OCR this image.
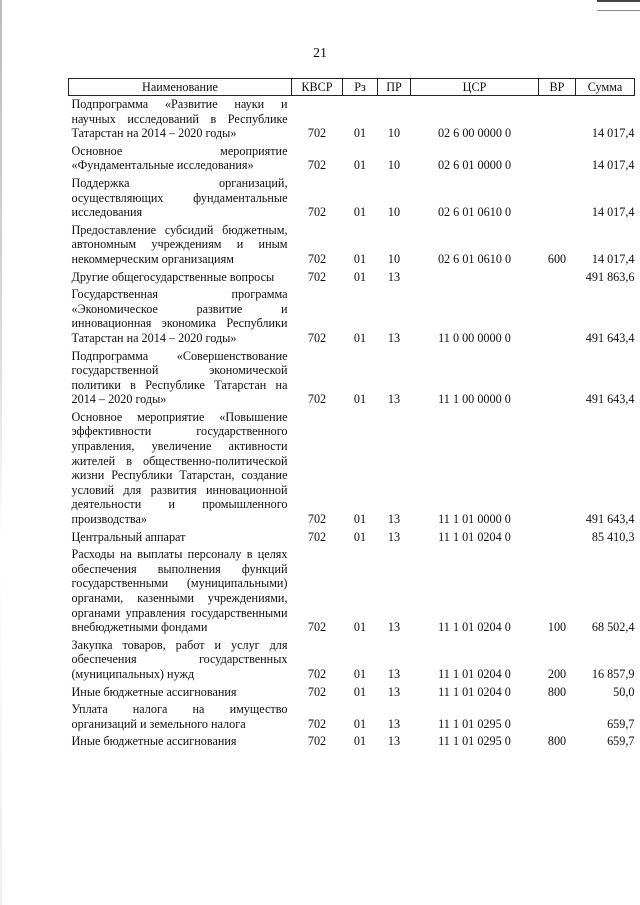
21
Наименование	КВСР	Рз	ПР	ЦСР	ВР	Сумма
Подпрограмма «Развитие науки и научных исследований в Республике Татарстан на 2014 – 2020 годы»	702	01	10	02 6 00 0000 0		14 017,4
Основное мероприятие «Фундаментальные исследования»	702	01	10	02 6 01 0000 0		14 017,4
Поддержка организаций, осуществляющих фундаментальные исследования	702	01	10	02 6 01 0610 0		14 017,4
Предоставление субсидий бюджетным, автономным учреждениям и иным некоммерческим организациям	702	01	10	02 6 01 0610 0	600	14 017,4
Другие общегосударственные вопросы	702	01	13			491 863,6
Государственная программа «Экономическое развитие и инновационная экономика Республики Татарстан на 2014 – 2020 годы»	702	01	13	11 0 00 0000 0		491 643,4
Подпрограмма «Совершенствование государственной экономической политики в Республике Татарстан на 2014 – 2020 годы»	702	01	13	11 1 00 0000 0		491 643,4
Основное мероприятие «Повышение эффективности государственного управления, увеличение активности жителей в общественно-политической жизни Республики Татарстан, создание условий для развития инновационной деятельности и промышленного производства»	702	01	13	11 1 01 0000 0		491 643,4
Центральный аппарат	702	01	13	11 1 01 0204 0		85 410,3
Расходы на выплаты персоналу в целях обеспечения выполнения функций государственными (муниципальными) органами, казенными учреждениями, органами управления государственными внебюджетными фондами	702	01	13	11 1 01 0204 0	100	68 502,4
Закупка товаров, работ и услуг для обеспечения государственных (муниципальных) нужд	702	01	13	11 1 01 0204 0	200	16 857,9
Иные бюджетные ассигнования	702	01	13	11 1 01 0204 0	800	50,0
Уплата налога на имущество организаций и земельного налога	702	01	13	11 1 01 0295 0		659,7
Иные бюджетные ассигнования	702	01	13	11 1 01 0295 0	800	659,7
